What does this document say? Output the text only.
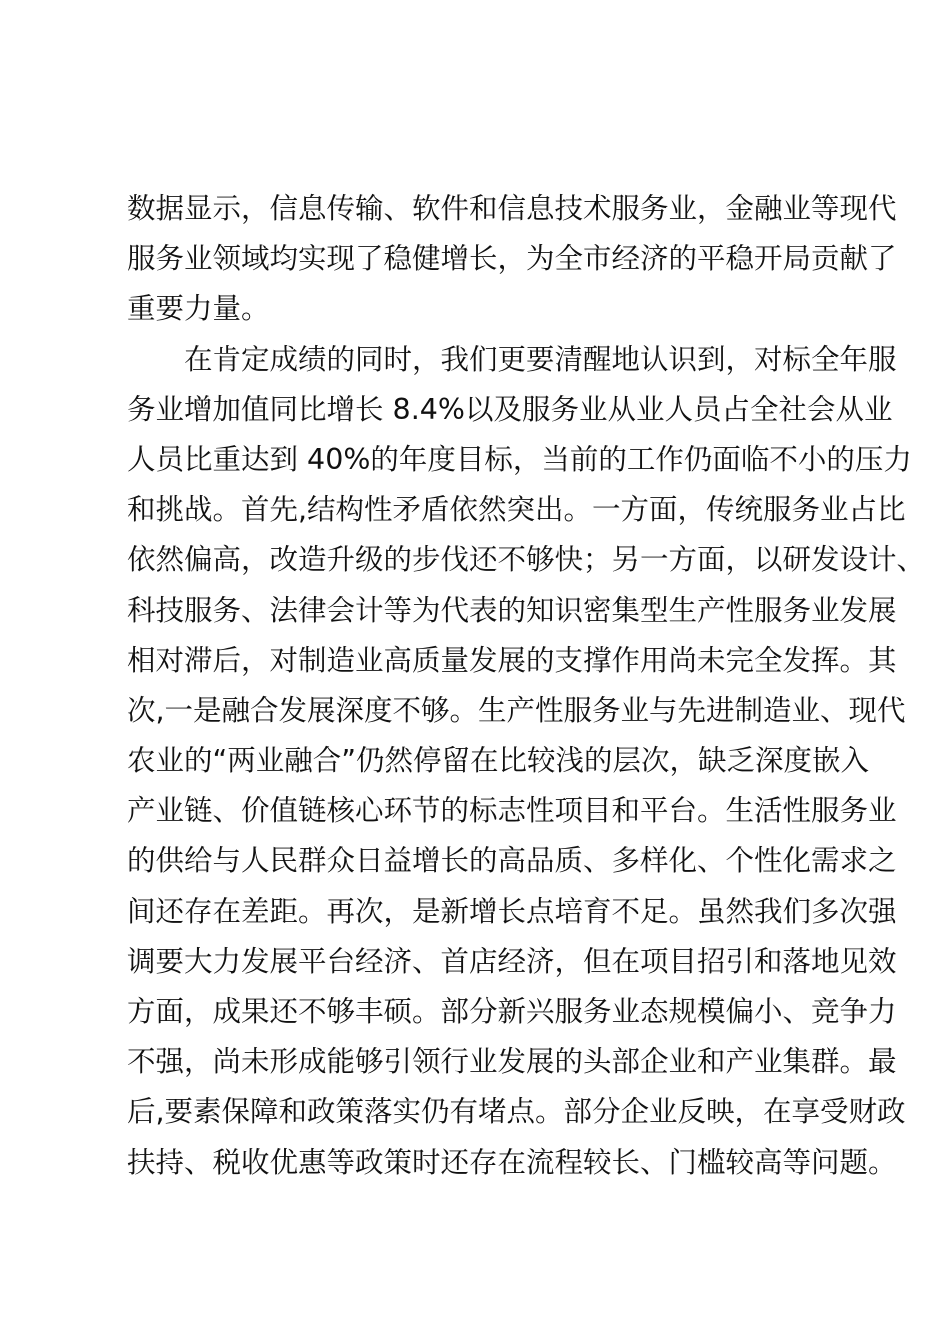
数据显示，信息传输、软件和信息技术服务业，金融业等现代
服务业领域均实现了稳健增长，为全市经济的平稳开局贡献了
重要力量。
在肯定成绩的同时，我们更要清醒地认识到，对标全年服
务业增加值同比增长 8.4%以及服务业从业人员占全社会从业
人员比重达到 40%的年度目标，当前的工作仍面临不小的压力
和挑战。首先,结构性矛盾依然突出。一方面，传统服务业占比
依然偏高，改造升级的步伐还不够快；另一方面，以研发设计、
科技服务、法律会计等为代表的知识密集型生产性服务业发展
相对滞后，对制造业高质量发展的支撑作用尚未完全发挥。其
次,一是融合发展深度不够。生产性服务业与先进制造业、现代
农业的“两业融合”仍然停留在比较浅的层次，缺乏深度嵌入
产业链、价值链核心环节的标志性项目和平台。生活性服务业
的供给与人民群众日益增长的高品质、多样化、个性化需求之
间还存在差距。再次，是新增长点培育不足。虽然我们多次强
调要大力发展平台经济、首店经济，但在项目招引和落地见效
方面，成果还不够丰硕。部分新兴服务业态规模偏小、竞争力
不强，尚未形成能够引领行业发展的头部企业和产业集群。最
后,要素保障和政策落实仍有堵点。部分企业反映，在享受财政
扶持、税收优惠等政策时还存在流程较长、门槛较高等问题。
